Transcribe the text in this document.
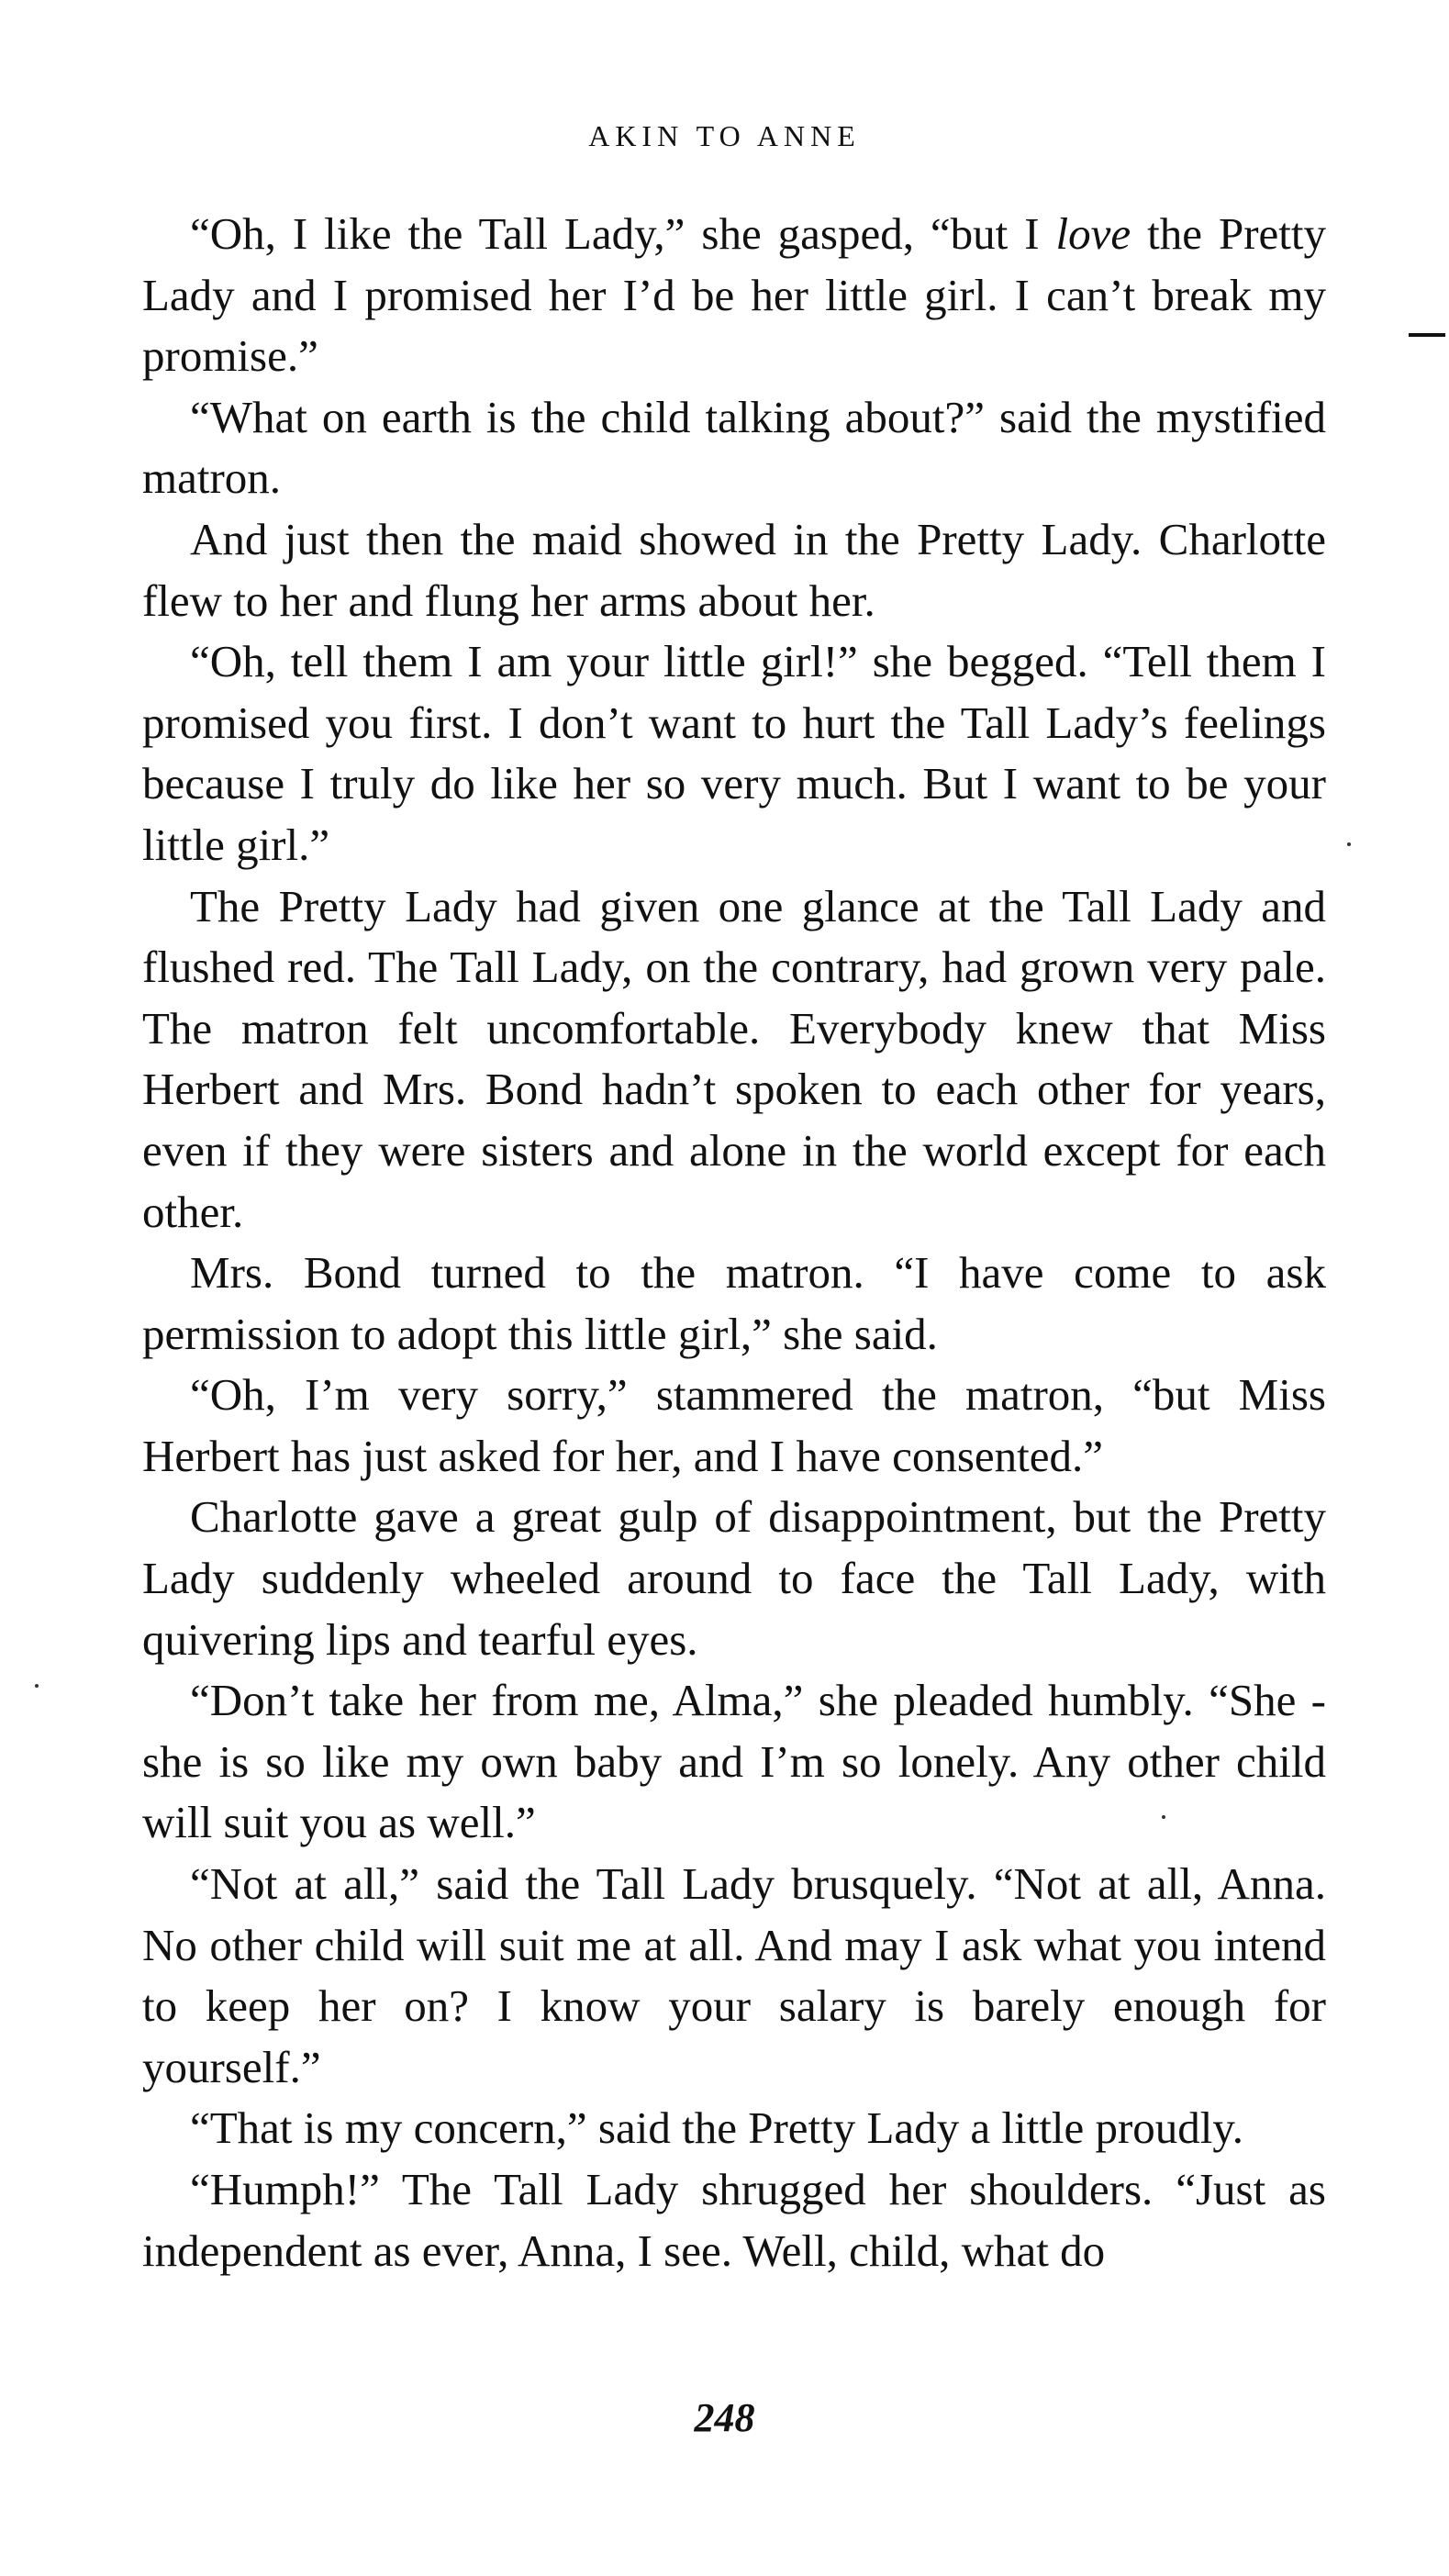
AKIN TO ANNE

“Oh, I like the Tall Lady,” she gasped, “but I love the Pretty Lady and I promised her I’d be her little girl. I can’t break my promise.”

“What on earth is the child talking about?” said the mystified matron.

And just then the maid showed in the Pretty Lady. Charlotte flew to her and flung her arms about her.

“Oh, tell them I am your little girl!” she begged. “Tell them I promised you first. I don’t want to hurt the Tall Lady’s feelings because I truly do like her so very much. But I want to be your little girl.”

The Pretty Lady had given one glance at the Tall Lady and flushed red. The Tall Lady, on the contrary, had grown very pale. The matron felt uncomfortable. Everybody knew that Miss Herbert and Mrs. Bond hadn’t spoken to each other for years, even if they were sisters and alone in the world except for each other.

Mrs. Bond turned to the matron. “I have come to ask permission to adopt this little girl,” she said.

“Oh, I’m very sorry,” stammered the matron, “but Miss Herbert has just asked for her, and I have consented.”

Charlotte gave a great gulp of disappointment, but the Pretty Lady suddenly wheeled around to face the Tall Lady, with quivering lips and tearful eyes.

“Don’t take her from me, Alma,” she pleaded humbly. “She - she is so like my own baby and I’m so lonely. Any other child will suit you as well.”

“Not at all,” said the Tall Lady brusquely. “Not at all, Anna. No other child will suit me at all. And may I ask what you intend to keep her on? I know your salary is barely enough for yourself.”

“That is my concern,” said the Pretty Lady a little proudly.

“Humph!” The Tall Lady shrugged her shoulders. “Just as independent as ever, Anna, I see. Well, child, what do

248
